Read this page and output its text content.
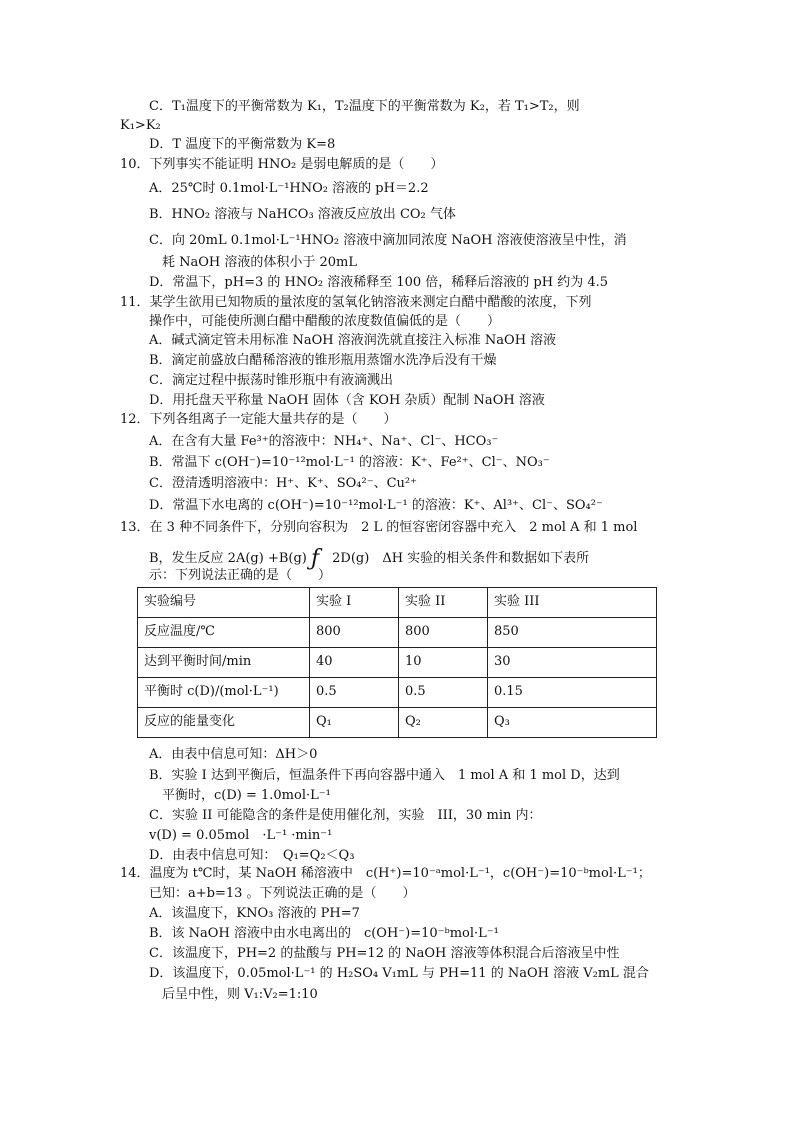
C．T₁温度下的平衡常数为 K₁，T₂温度下的平衡常数为 K₂，若 T₁>T₂，则
K₁>K₂
D．T 温度下的平衡常数为 K=8
10．下列事实不能证明 HNO₂ 是弱电解质的是（　　）
A．25℃时 0.1mol·L⁻¹HNO₂ 溶液的 pH＝2.2
B．HNO₂ 溶液与 NaHCO₃ 溶液反应放出 CO₂ 气体
C．向 20mL 0.1mol·L⁻¹HNO₂ 溶液中滴加同浓度 NaOH 溶液使溶液呈中性，消
耗 NaOH 溶液的体积小于 20mL
D．常温下，pH=3 的 HNO₂ 溶液稀释至 100 倍，稀释后溶液的 pH 约为 4.5
11．某学生欲用已知物质的量浓度的氢氧化钠溶液来测定白醋中醋酸的浓度，下列
操作中，可能使所测白醋中醋酸的浓度数值偏低的是（　　）
A．碱式滴定管未用标准 NaOH 溶液润洗就直接注入标准 NaOH 溶液
B．滴定前盛放白醋稀溶液的锥形瓶用蒸馏水洗净后没有干燥
C．滴定过程中振荡时锥形瓶中有液滴溅出
D．用托盘天平称量 NaOH 固体（含 KOH 杂质）配制 NaOH 溶液
12．下列各组离子一定能大量共存的是（　　）
A．在含有大量 Fe³⁺的溶液中：NH₄⁺、Na⁺、Cl⁻、HCO₃⁻
B．常温下 c(OH⁻)=10⁻¹²mol·L⁻¹ 的溶液：K⁺、Fe²⁺、Cl⁻、NO₃⁻
C．澄清透明溶液中：H⁺、K⁺、SO₄²⁻、Cu²⁺
D．常温下水电离的 c(OH⁻)=10⁻¹²mol·L⁻¹ 的溶液：K⁺、Al³⁺、Cl⁻、SO₄²⁻
13．在 3 种不同条件下，分别向容积为　2 L 的恒容密闭容器中充入　2 mol A 和 1 mol
B，发生反应 2A(g) +B(g) ƒ　2D(g)　ΔH 实验的相关条件和数据如下表所
示：下列说法正确的是（　　）
实验编号	实验 I	实验 II	实验 III
反应温度/℃	800	800	850
达到平衡时间/min	40	10	30
平衡时 c(D)/(mol·L⁻¹)	0.5	0.5	0.15
反应的能量变化	Q₁	Q₂	Q₃
A．由表中信息可知：ΔH＞0
B．实验 I 达到平衡后，恒温条件下再向容器中通入　1 mol A 和 1 mol D，达到
平衡时，c(D) = 1.0mol·L⁻¹
C．实验 II 可能隐含的条件是使用催化剂，实验　III，30 min 内：
v(D) = 0.05mol　·L⁻¹ ·min⁻¹
D．由表中信息可知：　Q₁=Q₂＜Q₃
14．温度为 t℃时，某 NaOH 稀溶液中　c(H⁺)=10⁻ᵃmol·L⁻¹，c(OH⁻)=10⁻ᵇmol·L⁻¹；
已知：a+b=13 。下列说法正确的是（　　）
A．该温度下，KNO₃ 溶液的 PH=7
B．该 NaOH 溶液中由水电离出的　c(OH⁻)=10⁻ᵇmol·L⁻¹
C．该温度下，PH=2 的盐酸与 PH=12 的 NaOH 溶液等体积混合后溶液呈中性
D．该温度下，0.05mol·L⁻¹ 的 H₂SO₄ V₁mL 与 PH=11 的 NaOH 溶液 V₂mL 混合
后呈中性，则 V₁:V₂=1:10
